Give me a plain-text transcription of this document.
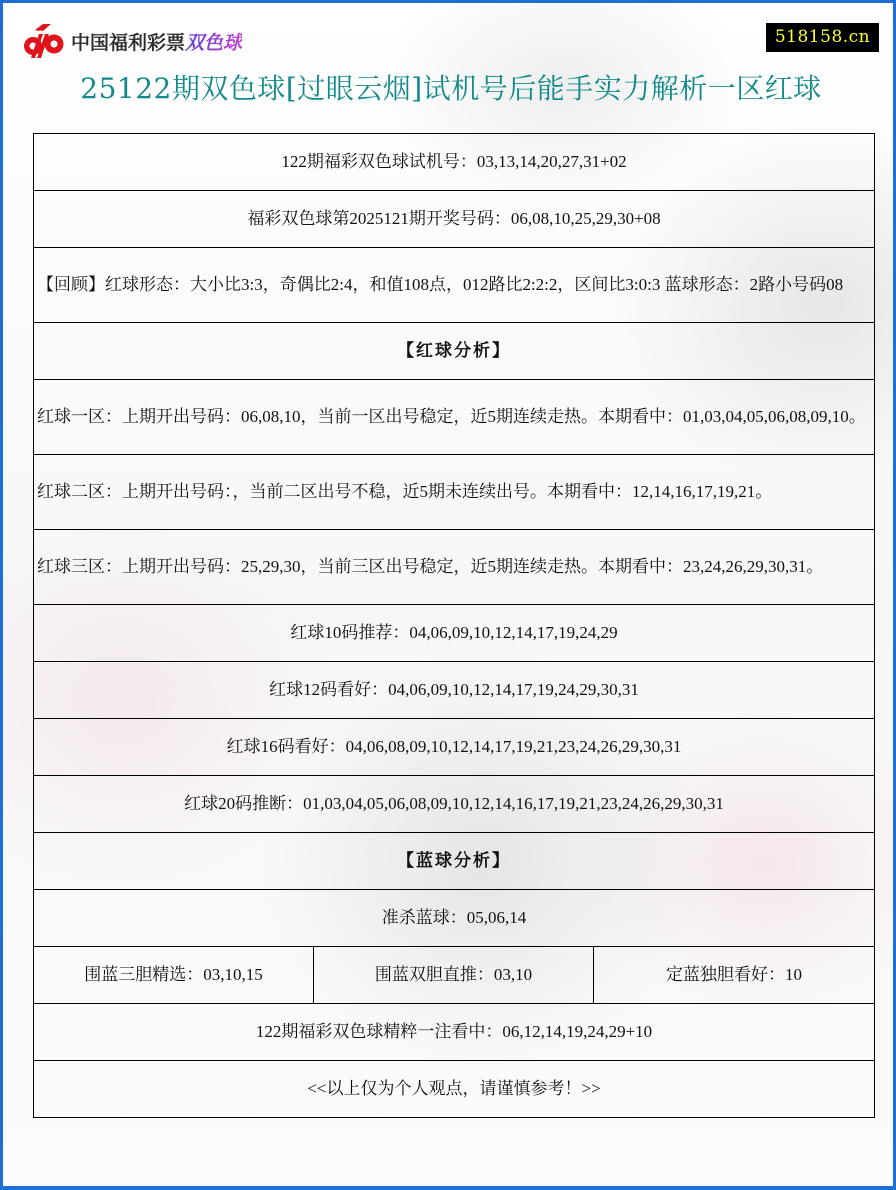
中国福利彩票 双色球	518158.cn
25122期双色球[过眼云烟]试机号后能手实力解析一区红球
122期福彩双色球试机号：03,13,14,20,27,31+02
福彩双色球第2025121期开奖号码：06,08,10,25,29,30+08
【回顾】红球形态：大小比3:3，奇偶比2:4，和值108点，012路比2:2:2，区间比3:0:3 蓝球形态：2路小号码08
【红球分析】
红球一区：上期开出号码：06,08,10，当前一区出号稳定，近5期连续走热。本期看中：01,03,04,05,06,08,09,10。
红球二区：上期开出号码：，当前二区出号不稳，近5期未连续出号。本期看中：12,14,16,17,19,21。
红球三区：上期开出号码：25,29,30，当前三区出号稳定，近5期连续走热。本期看中：23,24,26,29,30,31。
红球10码推荐：04,06,09,10,12,14,17,19,24,29
红球12码看好：04,06,09,10,12,14,17,19,24,29,30,31
红球16码看好：04,06,08,09,10,12,14,17,19,21,23,24,26,29,30,31
红球20码推断：01,03,04,05,06,08,09,10,12,14,16,17,19,21,23,24,26,29,30,31
【蓝球分析】
准杀蓝球：05,06,14
围蓝三胆精选：03,10,15	围蓝双胆直推：03,10	定蓝独胆看好：10
122期福彩双色球精粹一注看中：06,12,14,19,24,29+10
<<以上仅为个人观点，请谨慎参考！>>
